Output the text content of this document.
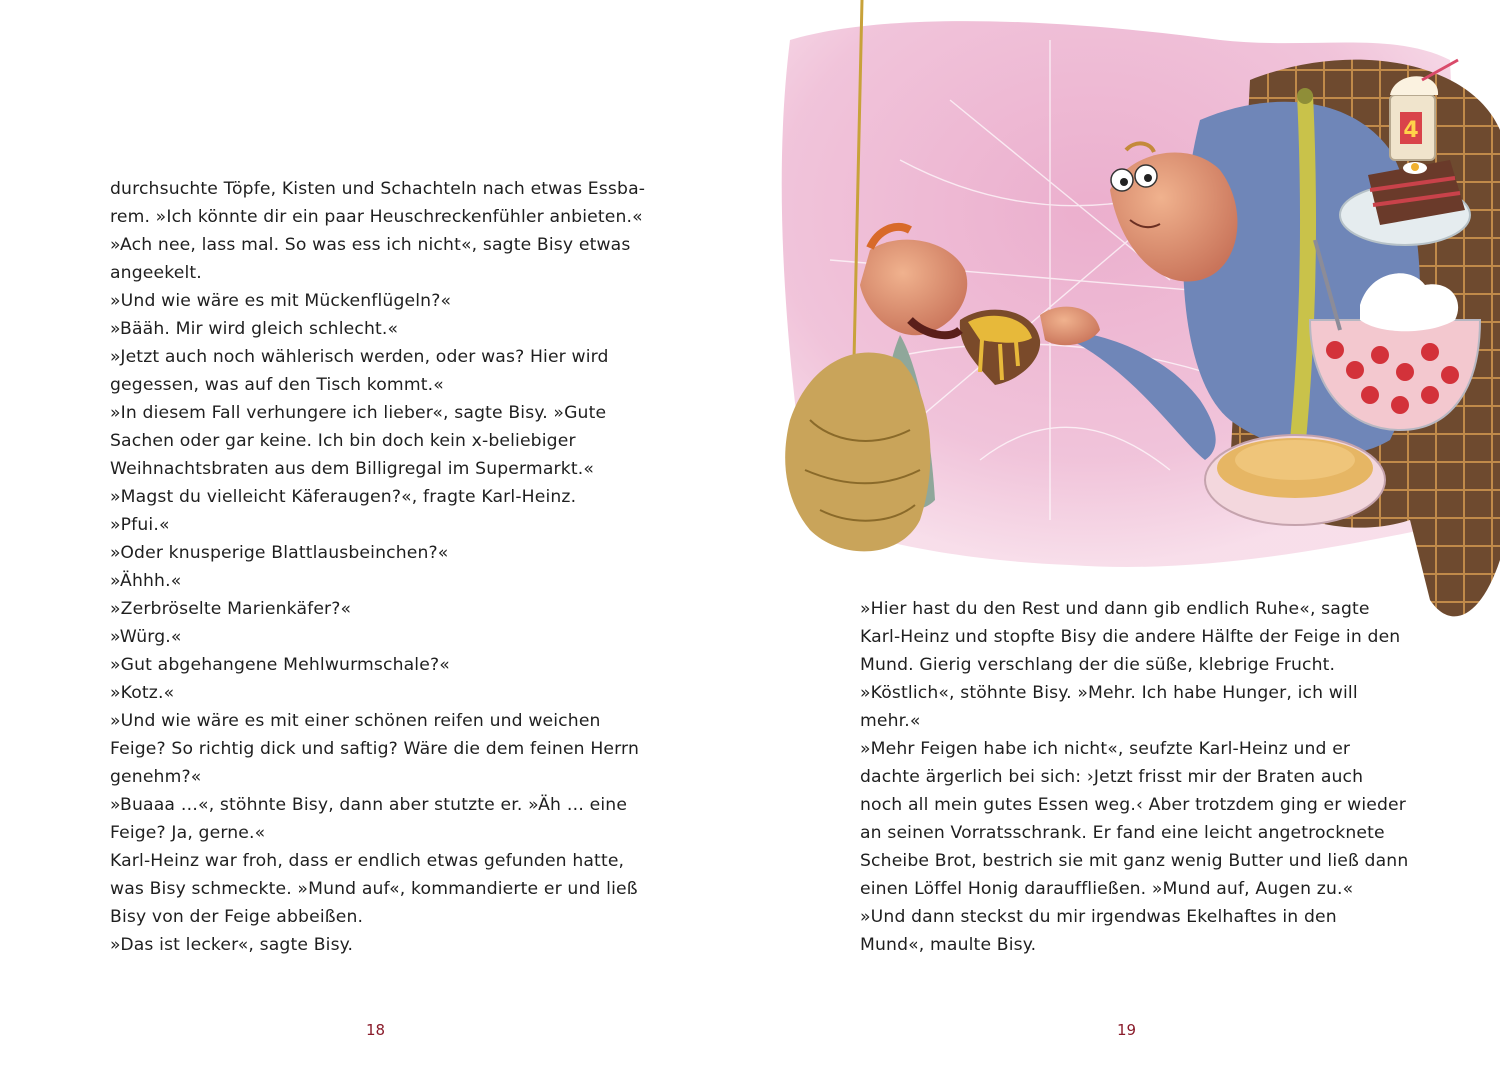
durchsuchte Töpfe, Kisten und Schachteln nach etwas Essba-
rem. »Ich könnte dir ein paar Heuschreckenfühler anbieten.«
»Ach nee, lass mal. So was ess ich nicht«, sagte Bisy etwas
angeekelt.
»Und wie wäre es mit Mückenflügeln?«
»Bääh. Mir wird gleich schlecht.«
»Jetzt auch noch wählerisch werden, oder was? Hier wird
gegessen, was auf den Tisch kommt.«
»In diesem Fall verhungere ich lieber«, sagte Bisy. »Gute
Sachen oder gar keine. Ich bin doch kein x-beliebiger
Weihnachtsbraten aus dem Billigregal im Supermarkt.«
»Magst du vielleicht Käferaugen?«, fragte Karl-Heinz.
»Pfui.«
»Oder knusperige Blattlausbeinchen?«
»Ähhh.«
»Zerbröselte Marienkäfer?«
»Würg.«
»Gut abgehangene Mehlwurmschale?«
»Kotz.«
»Und wie wäre es mit einer schönen reifen und weichen
Feige? So richtig dick und saftig? Wäre die dem feinen Herrn
genehm?«
»Buaaa …«, stöhnte Bisy, dann aber stutzte er. »Äh … eine
Feige? Ja, gerne.«
Karl-Heinz war froh, dass er endlich etwas gefunden hatte,
was Bisy schmeckte. »Mund auf«, kommandierte er und ließ
Bisy von der Feige abbeißen.
»Das ist lecker«, sagte Bisy.
18
4
»Hier hast du den Rest und dann gib endlich Ruhe«, sagte
Karl-Heinz und stopfte Bisy die andere Hälfte der Feige in den
Mund. Gierig verschlang der die süße, klebrige Frucht.
»Köstlich«, stöhnte Bisy. »Mehr. Ich habe Hunger, ich will
mehr.«
»Mehr Feigen habe ich nicht«, seufzte Karl-Heinz und er
dachte ärgerlich bei sich: ›Jetzt frisst mir der Braten auch
noch all mein gutes Essen weg.‹ Aber trotzdem ging er wieder
an seinen Vorratsschrank. Er fand eine leicht angetrocknete
Scheibe Brot, bestrich sie mit ganz wenig Butter und ließ dann
einen Löffel Honig darauffließen. »Mund auf, Augen zu.«
»Und dann steckst du mir irgendwas Ekelhaftes in den
Mund«, maulte Bisy.
19
